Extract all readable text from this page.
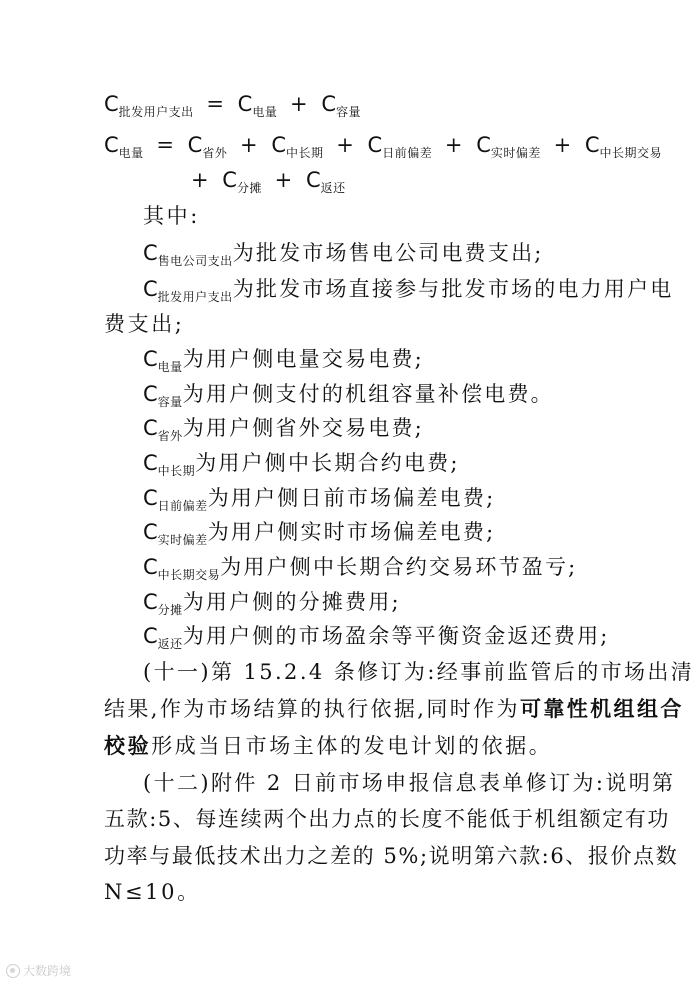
$C_{批发用户支出} = C_{电量} + C_{容量}$
$C_{电量} = C_{省外} + C_{中长期} + C_{日前偏差} + C_{实时偏差} + C_{中长期交易}$
+ $C_{分摊} + C_{返还}$
其中:
$C_{售电公司支出}$为批发市场售电公司电费支出;
$C_{批发用户支出}$为批发市场直接参与批发市场的电力用户电
费支出;
$C_{电量}$为用户侧电量交易电费;
$C_{容量}$为用户侧支付的机组容量补偿电费。
$C_{省外}$为用户侧省外交易电费;
$C_{中长期}$为用户侧中长期合约电费;
$C_{日前偏差}$为用户侧日前市场偏差电费;
$C_{实时偏差}$为用户侧实时市场偏差电费;
$C_{中长期交易}$为用户侧中长期合约交易环节盈亏;
$C_{分摊}$为用户侧的分摊费用;
$C_{返还}$为用户侧的市场盈余等平衡资金返还费用;
(十一)第 15.2.4 条修订为:经事前监管后的市场出清
结果,作为市场结算的执行依据,同时作为可靠性机组组合
校验形成当日市场主体的发电计划的依据。
(十二)附件 2 日前市场申报信息表单修订为:说明第
五款:5、每连续两个出力点的长度不能低于机组额定有功
功率与最低技术出力之差的 5%;说明第六款:6、报价点数
N≤10。
大数跨境
